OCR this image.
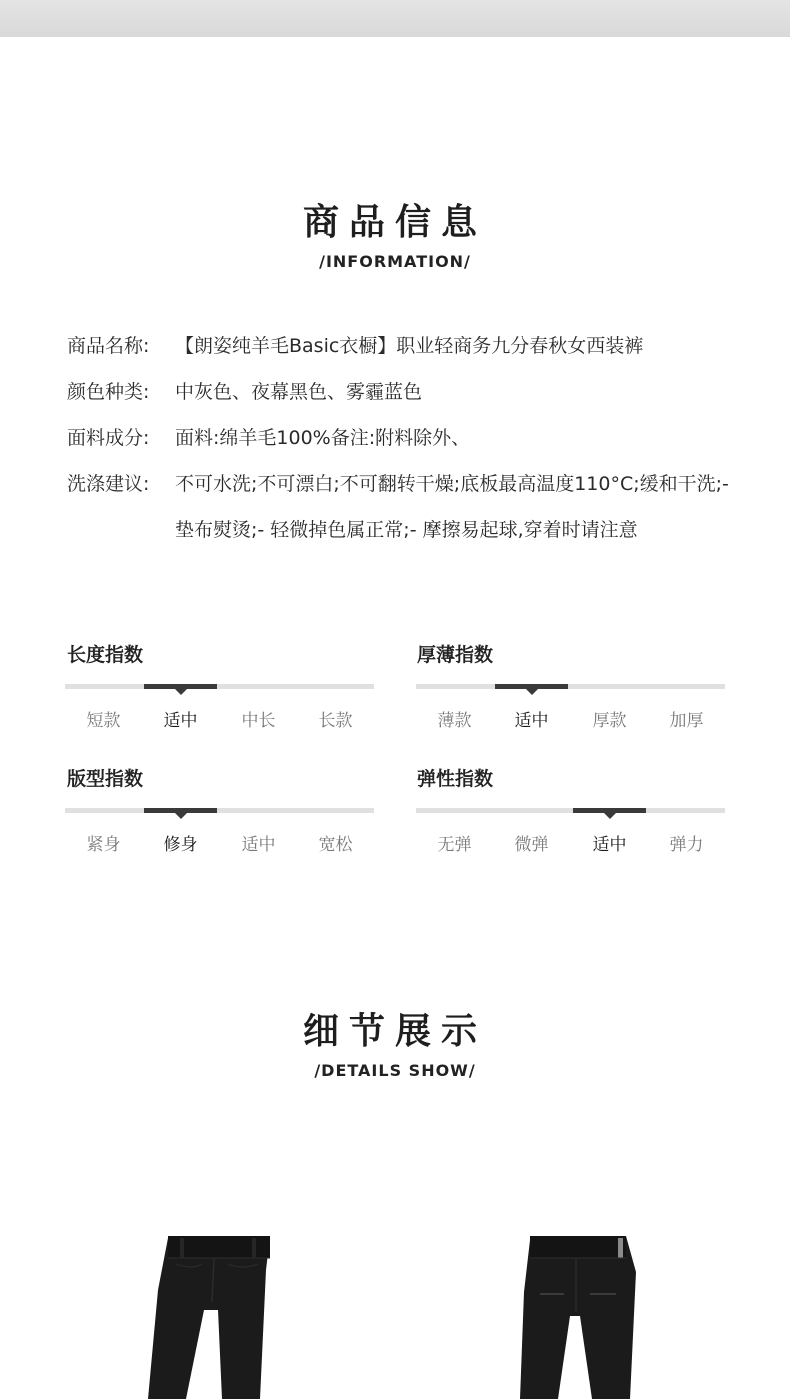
商品信息
/INFORMATION/
商品名称: 【朗姿纯羊毛Basic衣橱】职业轻商务九分春秋女西装裤
颜色种类: 中灰色、夜幕黑色、雾霾蓝色
面料成分: 面料:绵羊毛100%备注:附料除外、
洗涤建议: 不可水洗;不可漂白;不可翻转干燥;底板最高温度110°C;缓和干洗;- 垫布熨烫;- 轻微掉色属正常;- 摩擦易起球,穿着时请注意
长度指数
短款	适中	中长	长款
厚薄指数
薄款	适中	厚款	加厚
版型指数
紧身	修身	适中	宽松
弹性指数
无弹	微弹	适中	弹力
细节展示
/DETAILS SHOW/
